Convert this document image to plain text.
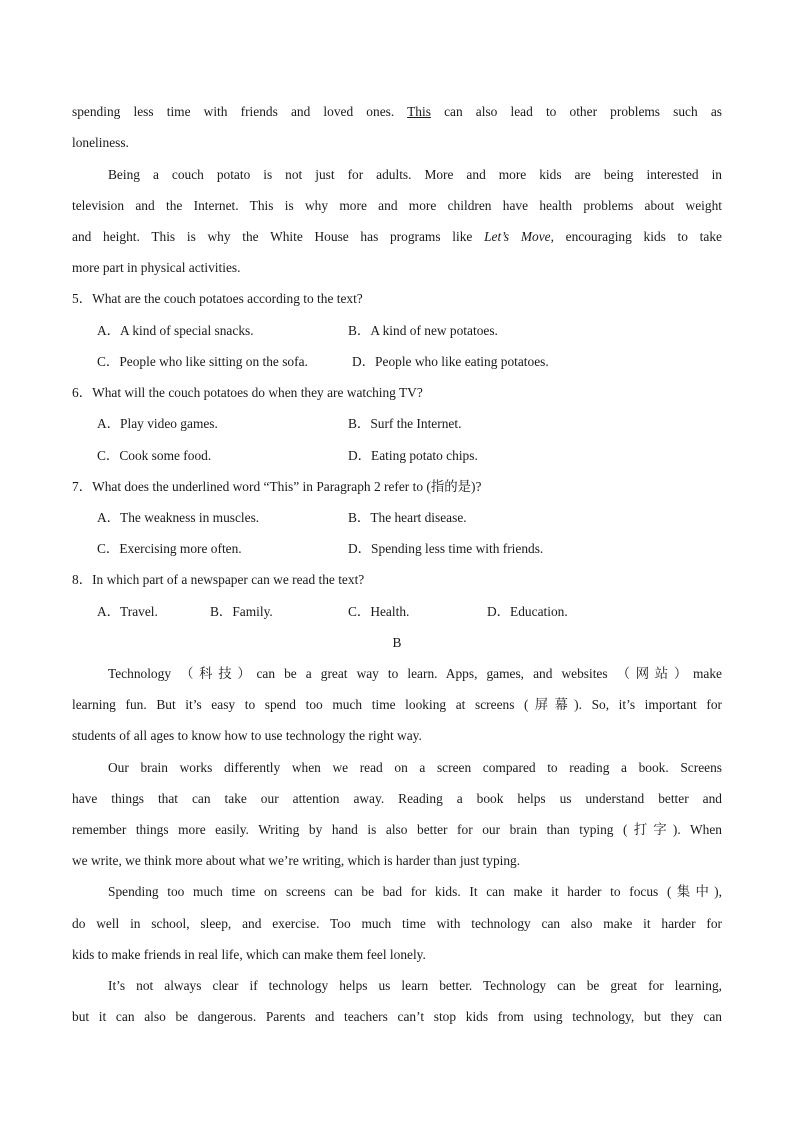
spending less time with friends and loved ones. This can also lead to other problems such as
loneliness.
Being a couch potato is not just for adults. More and more kids are being interested in
television and the Internet. This is why more and more children have health problems about weight
and height. This is why the White House has programs like Let’s Move, encouraging kids to take
more part in physical activities.
5．What are the couch potatoes according to the text?
A．A kind of special snacks.	B．A kind of new potatoes.
C．People who like sitting on the sofa.	D．People who like eating potatoes.
6．What will the couch potatoes do when they are watching TV?
A．Play video games.	B．Surf the Internet.
C．Cook some food.	D．Eating potato chips.
7．What does the underlined word “This” in Paragraph 2 refer to (指的是)?
A．The weakness in muscles.	B．The heart disease.
C．Exercising more often.	D．Spending less time with friends.
8．In which part of a newspaper can we read the text?
A．Travel.	B．Family.	C．Health.	D．Education.
B
Technology （科技）can be a great way to learn. Apps, games, and websites （网站）make
learning fun. But it’s easy to spend too much time looking at screens (屏幕). So, it’s important for
students of all ages to know how to use technology the right way.
Our brain works differently when we read on a screen compared to reading a book. Screens
have things that can take our attention away. Reading a book helps us understand better and
remember things more easily. Writing by hand is also better for our brain than typing (打字). When
we write, we think more about what we’re writing, which is harder than just typing.
Spending too much time on screens can be bad for kids. It can make it harder to focus (集中),
do well in school, sleep, and exercise. Too much time with technology can also make it harder for
kids to make friends in real life, which can make them feel lonely.
It’s not always clear if technology helps us learn better. Technology can be great for learning,
but it can also be dangerous. Parents and teachers can’t stop kids from using technology, but they can
